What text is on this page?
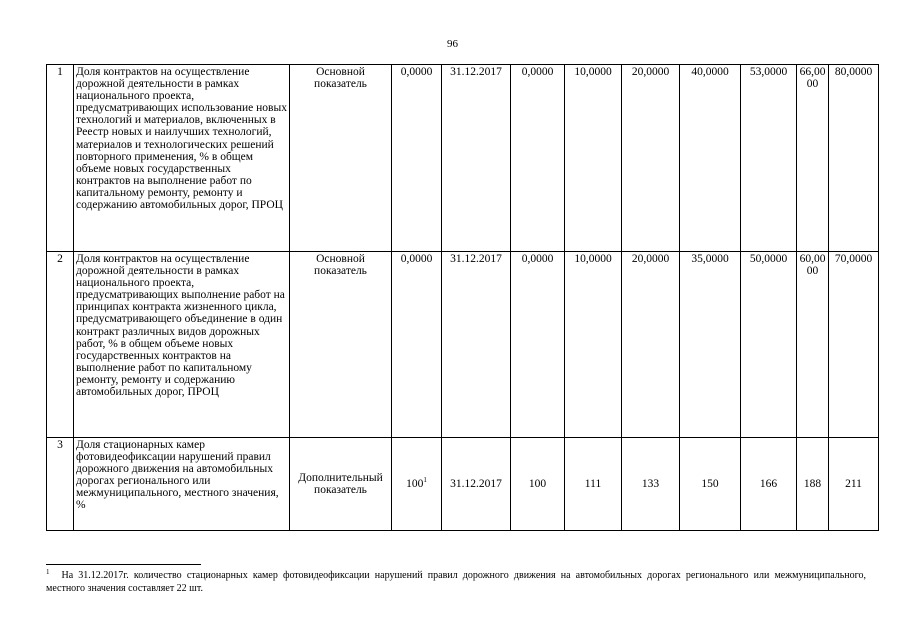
96
1	Доля контрактов на осуществление дорожной деятельности в рамках национального проекта, предусматривающих использование новых технологий и материалов, включенных в Реестр новых и наилучших технологий, материалов и технологических решений повторного применения, % в общем объеме новых государственных контрактов на выполнение работ по капитальному ремонту, ремонту и содержанию автомобильных дорог, ПРОЦ	Основной показатель	0,0000	31.12.2017	0,0000	10,0000	20,0000	40,0000	53,0000	66,0000	80,0000
2	Доля контрактов на осуществление дорожной деятельности в рамках национального проекта, предусматривающих выполнение работ на принципах контракта жизненного цикла, предусматривающего объединение в один контракт различных видов дорожных работ, % в общем объеме новых государственных контрактов на выполнение работ по капитальному ремонту, ремонту и содержанию автомобильных дорог, ПРОЦ	Основной показатель	0,0000	31.12.2017	0,0000	10,0000	20,0000	35,0000	50,0000	60,0000	70,0000
3	Доля стационарных камер фотовидеофиксации нарушений правил дорожного движения на автомобильных дорогах регионального или межмуниципального, местного значения, %	Дополнительный показатель	100$^1$	31.12.2017	100	111	133	150	166	188	211
$^1$ На 31.12.2017г. количество стационарных камер фотовидеофиксации нарушений правил дорожного движения на автомобильных дорогах регионального или межмуниципального, местного значения составляет 22 шт.
